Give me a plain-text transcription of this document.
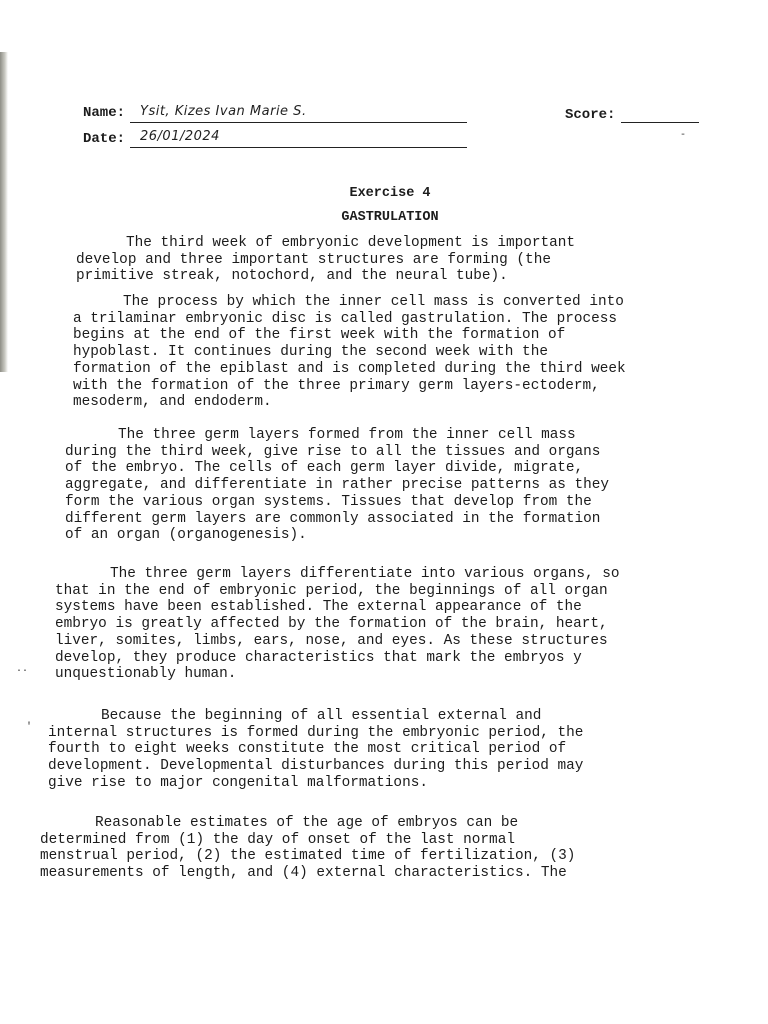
Name: Ysit, Kizes Ivan Marie S.	Score:
Date: 26/01/2024	-
Exercise 4
GASTRULATION
The third week of embryonic development is important
develop and three important structures are forming (the
primitive streak, notochord, and the neural tube).
The process by which the inner cell mass is converted into
a trilaminar embryonic disc is called gastrulation. The process
begins at the end of the first week with the formation of
hypoblast. It continues during the second week with the
formation of the epiblast and is completed during the third week
with the formation of the three primary germ layers-ectoderm,
mesoderm, and endoderm.
The three germ layers formed from the inner cell mass
during the third week, give rise to all the tissues and organs
of the embryo. The cells of each germ layer divide, migrate,
aggregate, and differentiate in rather precise patterns as they
form the various organ systems. Tissues that develop from the
different germ layers are commonly associated in the formation
of an organ (organogenesis).
The three germ layers differentiate into various organs, so
that in the end of embryonic period, the beginnings of all organ
systems have been established. The external appearance of the
embryo is greatly affected by the formation of the brain, heart,
liver, somites, limbs, ears, nose, and eyes. As these structures
develop, they produce characteristics that mark the embryos y
unquestionably human.
..
Because the beginning of all essential external and
internal structures is formed during the embryonic period, the
fourth to eight weeks constitute the most critical period of
development. Developmental disturbances during this period may
give rise to major congenital malformations.
'
Reasonable estimates of the age of embryos can be
determined from (1) the day of onset of the last normal
menstrual period, (2) the estimated time of fertilization, (3)
measurements of length, and (4) external characteristics. The
